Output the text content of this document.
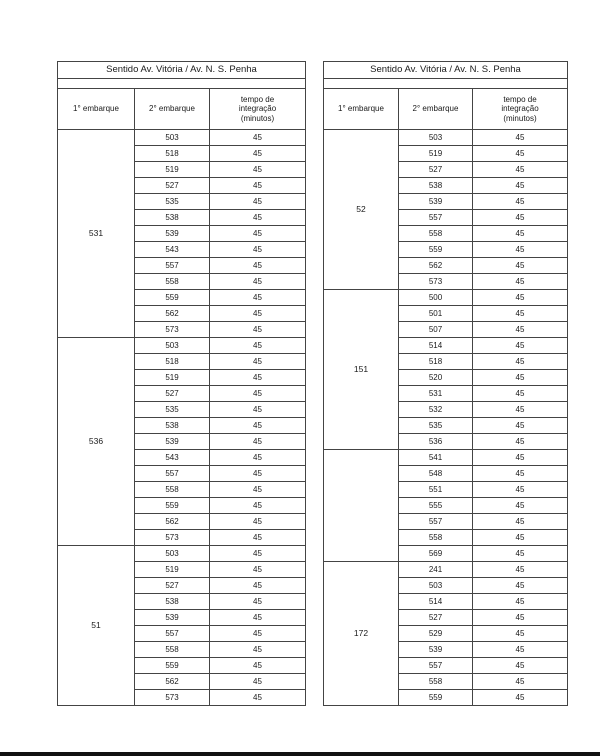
Sentido Av. Vitória / Av. N. S. Penha		

1° embarque	2° embarque	tempo de
integração
(minutos)

531	503	45
	518	45
	519	45
	527	45
	535	45
	538	45
	539	45
	543	45
	557	45
	558	45
	559	45
	562	45
	573	45
536	503	45
	518	45
	519	45
	527	45
	535	45
	538	45
	539	45
	543	45
	557	45
	558	45
	559	45
	562	45
	573	45
51	503	45
	519	45
	527	45
	538	45
	539	45
	557	45
	558	45
	559	45
	562	45
	573	45
Sentido Av. Vitória / Av. N. S. Penha		

1° embarque	2° embarque	tempo de
integração
(minutos)

52	503	45
	519	45
	527	45
	538	45
	539	45
	557	45
	558	45
	559	45
	562	45
	573	45
151	500	45
	501	45
	507	45
	514	45
	518	45
	520	45
	531	45
	532	45
	535	45
	536	45
	541	45
	548	45
	551	45
	555	45
	557	45
	558	45
	569	45
172	241	45
	503	45
	514	45
	527	45
	529	45
	539	45
	557	45
	558	45
	559	45
